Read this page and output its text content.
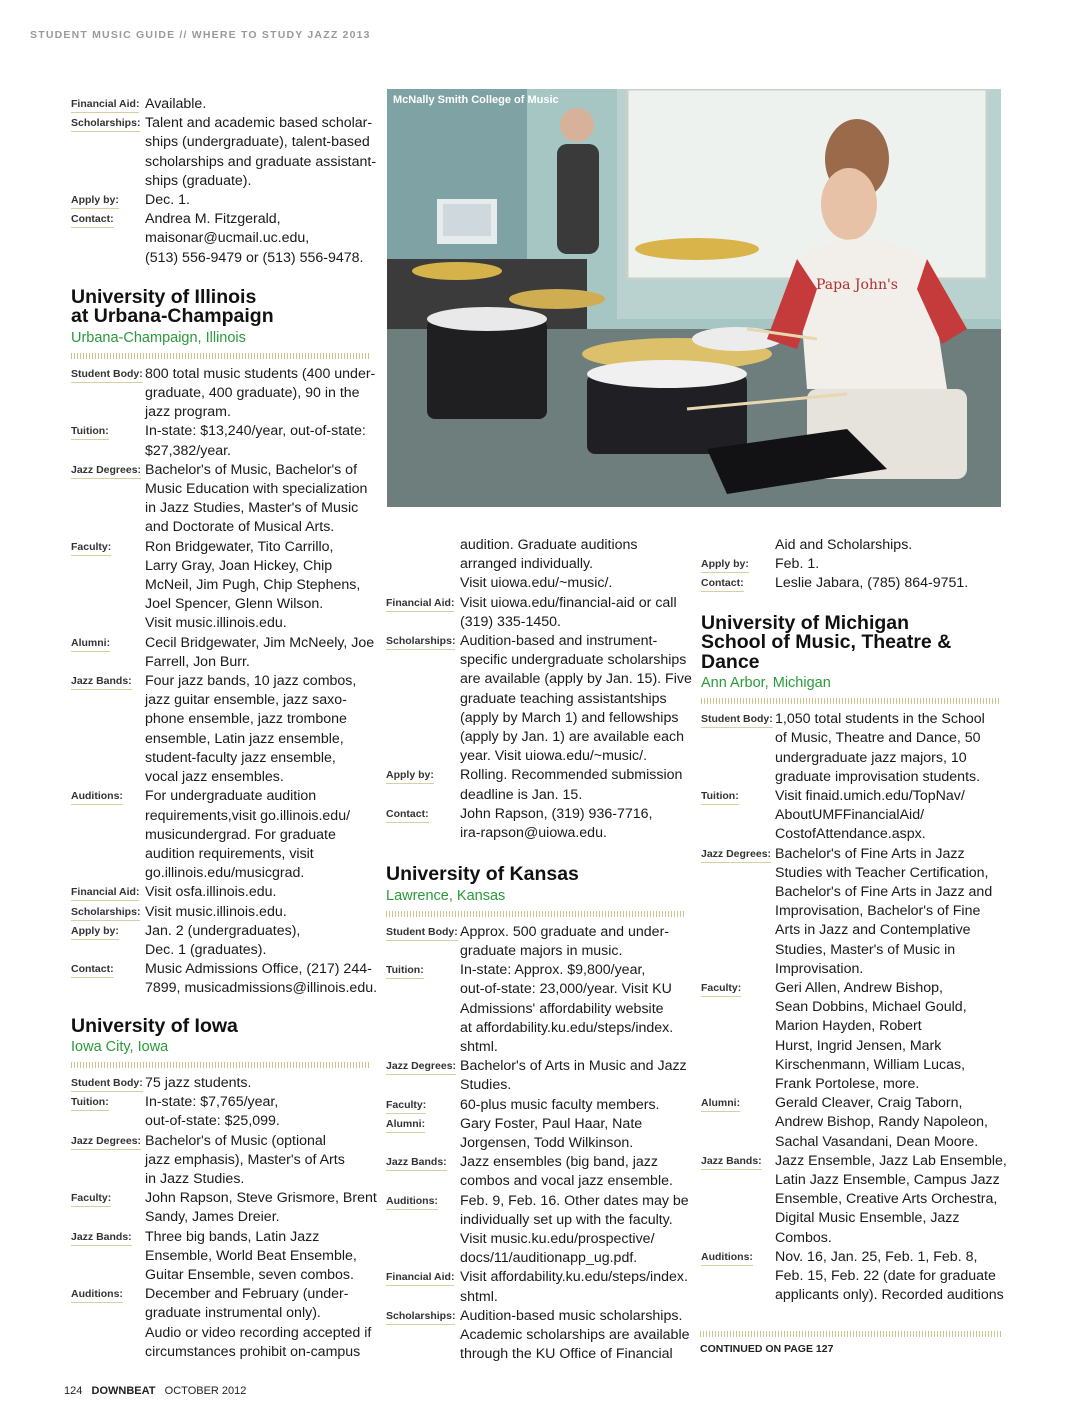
STUDENT MUSIC GUIDE // WHERE TO STUDY JAZZ 2013
Financial Aid: Available.
Scholarships: Talent and academic based scholar-
ships (undergraduate), talent-based
scholarships and graduate assistant-
ships (graduate).
Apply by:	Dec. 1.
Contact:	Andrea M. Fitzgerald,
maisonar@ucmail.uc.edu,
(513) 556-9479 or (513) 556-9478.
University of Illinois
at Urbana-Champaign
Urbana-Champaign, Illinois
Student Body: 800 total music students (400 under-
graduate, 400 graduate), 90 in the
jazz program.
Tuition:	In-state: $13,240/year, out-of-state:
$27,382/year.
Jazz Degrees: Bachelor's of Music, Bachelor's of
Music Education with specialization
in Jazz Studies, Master's of Music
and Doctorate of Musical Arts.
Faculty:	Ron Bridgewater, Tito Carrillo,
Larry Gray, Joan Hickey, Chip
McNeil, Jim Pugh, Chip Stephens,
Joel Spencer, Glenn Wilson.
Visit music.illinois.edu.
Alumni:	Cecil Bridgewater, Jim McNeely, Joe
Farrell, Jon Burr.
Jazz Bands: Four jazz bands, 10 jazz combos,
jazz guitar ensemble, jazz saxo-
phone ensemble, jazz trombone
ensemble, Latin jazz ensemble,
student-faculty jazz ensemble,
vocal jazz ensembles.
Auditions:	For undergraduate audition
requirements,visit go.illinois.edu/
musicundergrad. For graduate
audition requirements, visit
go.illinois.edu/musicgrad.
Financial Aid: Visit osfa.illinois.edu.
Scholarships: Visit music.illinois.edu.
Apply by:	Jan. 2 (undergraduates),
Dec. 1 (graduates).
Contact:	Music Admissions Office, (217) 244-
7899, musicadmissions@illinois.edu.
University of Iowa
Iowa City, Iowa
Student Body: 75 jazz students.
Tuition:	In-state: $7,765/year,
out-of-state: $25,099.
Jazz Degrees: Bachelor's of Music (optional
jazz emphasis), Master's of Arts
in Jazz Studies.
Faculty:	John Rapson, Steve Grismore, Brent
Sandy, James Dreier.
Jazz Bands: Three big bands, Latin Jazz
Ensemble, World Beat Ensemble,
Guitar Ensemble, seven combos.
Auditions:	December and February (under-
graduate instrumental only).
Audio or video recording accepted if
circumstances prohibit on-campus
Papa John's
McNally Smith College of Music
audition. Graduate auditions
arranged individually.
Visit uiowa.edu/~music/.
Financial Aid: Visit uiowa.edu/financial-aid or call
(319) 335-1450.
Scholarships: Audition-based and instrument-
specific undergraduate scholarships
are available (apply by Jan. 15). Five
graduate teaching assistantships
(apply by March 1) and fellowships
(apply by Jan. 1) are available each
year. Visit uiowa.edu/~music/.
Apply by:	Rolling. Recommended submission
deadline is Jan. 15.
Contact:	John Rapson, (319) 936-7716,
ira-rapson@uiowa.edu.
University of Kansas
Lawrence, Kansas
Student Body: Approx. 500 graduate and under-
graduate majors in music.
Tuition:	In-state: Approx. $9,800/year,
out-of-state: 23,000/year. Visit KU
Admissions' affordability website
at affordability.ku.edu/steps/index.
shtml.
Jazz Degrees: Bachelor's of Arts in Music and Jazz
Studies.
Faculty:	60-plus music faculty members.
Alumni:	Gary Foster, Paul Haar, Nate
Jorgensen, Todd Wilkinson.
Jazz Bands: Jazz ensembles (big band, jazz
combos and vocal jazz ensemble.
Auditions:	Feb. 9, Feb. 16. Other dates may be
individually set up with the faculty.
Visit music.ku.edu/prospective/
docs/11/auditionapp_ug.pdf.
Financial Aid: Visit affordability.ku.edu/steps/index.
shtml.
Scholarships: Audition-based music scholarships.
Academic scholarships are available
through the KU Office of Financial
Aid and Scholarships.
Apply by:	Feb. 1.
Contact:	Leslie Jabara, (785) 864-9751.
University of Michigan
School of Music, Theatre &
Dance
Ann Arbor, Michigan
Student Body: 1,050 total students in the School
of Music, Theatre and Dance, 50
undergraduate jazz majors, 10
graduate improvisation students.
Tuition:	Visit finaid.umich.edu/TopNav/
AboutUMFFinancialAid/
CostofAttendance.aspx.
Jazz Degrees: Bachelor's of Fine Arts in Jazz
Studies with Teacher Certification,
Bachelor's of Fine Arts in Jazz and
Improvisation, Bachelor's of Fine
Arts in Jazz and Contemplative
Studies, Master's of Music in
Improvisation.
Faculty:	Geri Allen, Andrew Bishop,
Sean Dobbins, Michael Gould,
Marion Hayden, Robert
Hurst, Ingrid Jensen, Mark
Kirschenmann, William Lucas,
Frank Portolese, more.
Alumni:	Gerald Cleaver, Craig Taborn,
Andrew Bishop, Randy Napoleon,
Sachal Vasandani, Dean Moore.
Jazz Bands: Jazz Ensemble, Jazz Lab Ensemble,
Latin Jazz Ensemble, Campus Jazz
Ensemble, Creative Arts Orchestra,
Digital Music Ensemble, Jazz
Combos.
Auditions:	Nov. 16, Jan. 25, Feb. 1, Feb. 8,
Feb. 15, Feb. 22 (date for graduate
applicants only). Recorded auditions
CONTINUED ON PAGE 127
124 DOWNBEAT OCTOBER 2012
